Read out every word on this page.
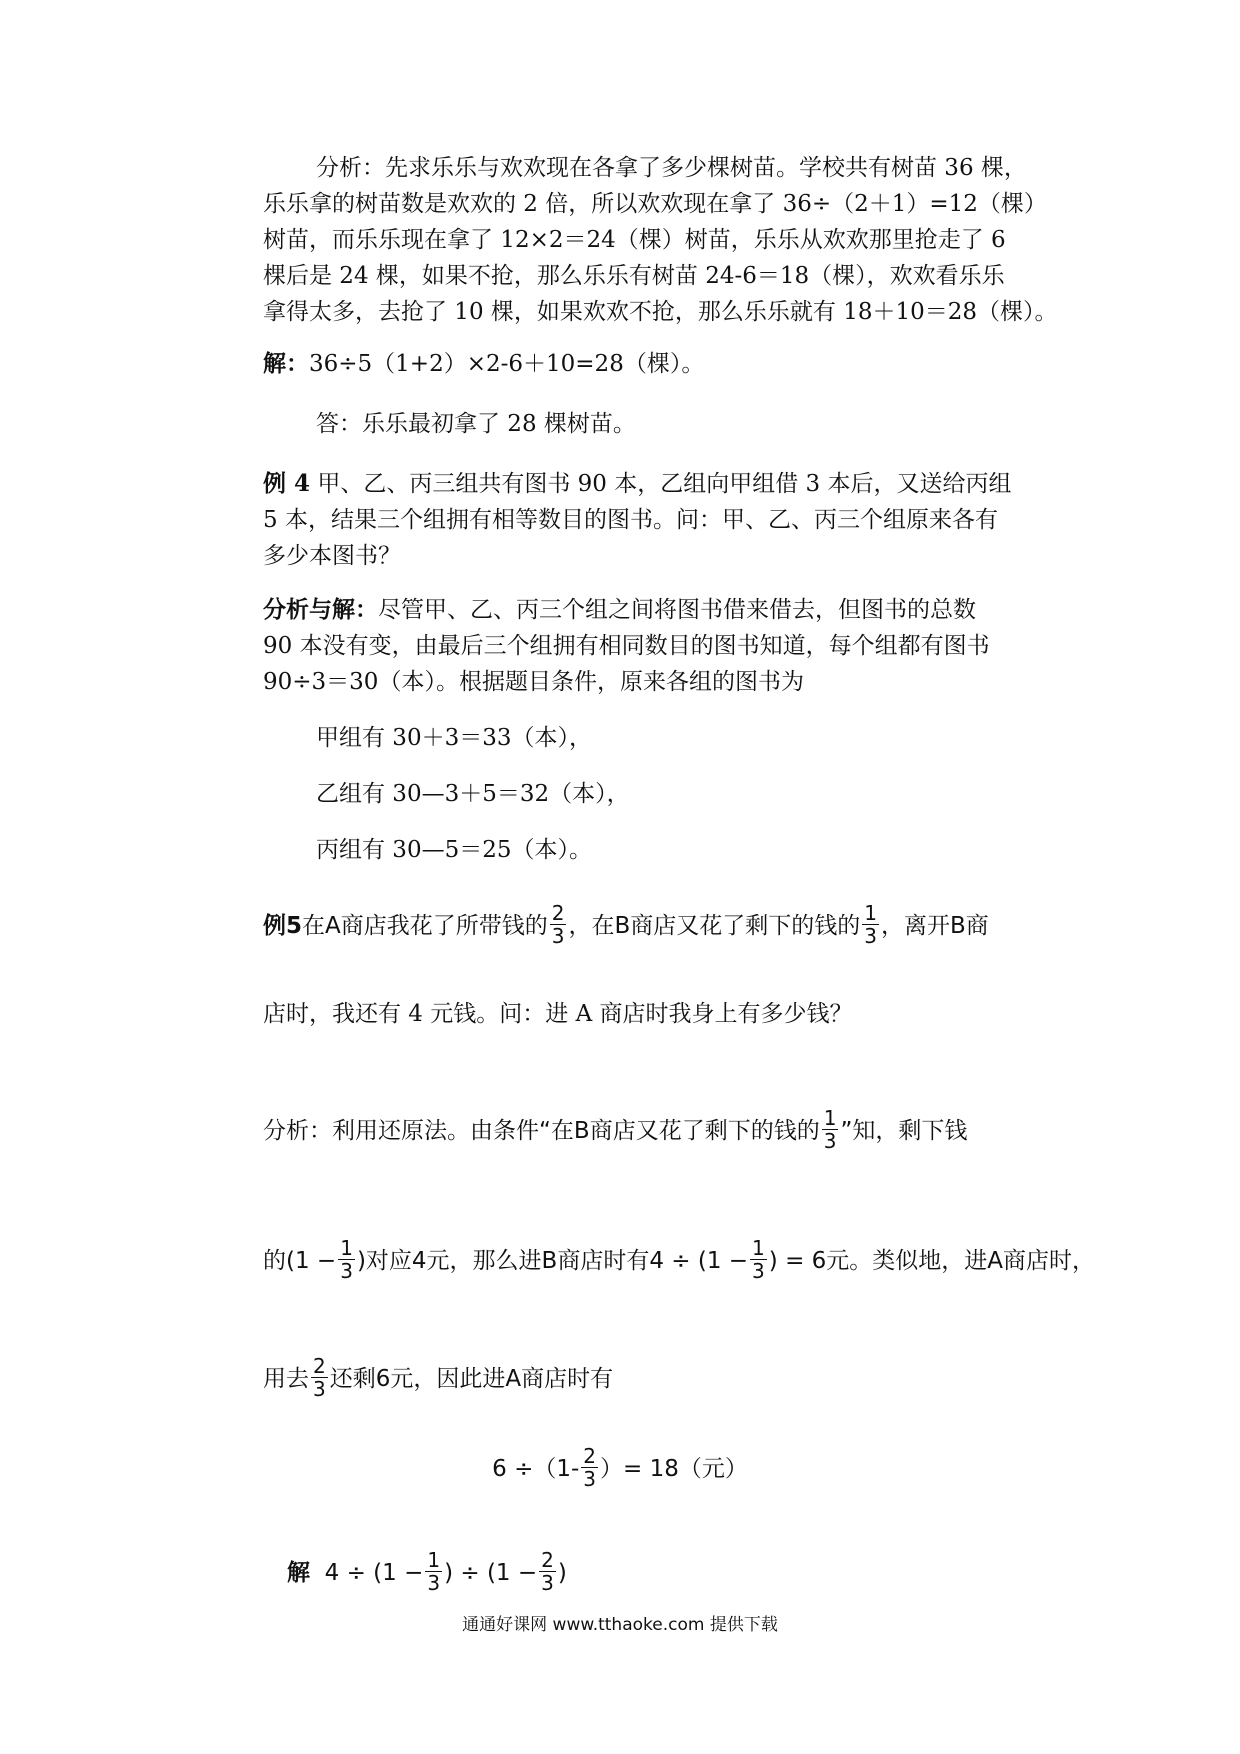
分析：先求乐乐与欢欢现在各拿了多少棵树苗。学校共有树苗 36 棵，

乐乐拿的树苗数是欢欢的 2 倍，所以欢欢现在拿了 36÷（2＋1）=12（棵）

树苗，而乐乐现在拿了 12×2＝24（棵）树苗，乐乐从欢欢那里抢走了 6

棵后是 24 棵，如果不抢，那么乐乐有树苗 24-6＝18（棵），欢欢看乐乐

拿得太多，去抢了 10 棵，如果欢欢不抢，那么乐乐就有 18＋10＝28（棵）。

解：36÷5（1+2）×2-6＋10=28（棵）。

答：乐乐最初拿了 28 棵树苗。

例 4 甲、乙、丙三组共有图书 90 本，乙组向甲组借 3 本后，又送给丙组

5 本，结果三个组拥有相等数目的图书。问：甲、乙、丙三个组原来各有

多少本图书？

分析与解：尽管甲、乙、丙三个组之间将图书借来借去，但图书的总数

90 本没有变，由最后三个组拥有相同数目的图书知道，每个组都有图书

90÷3＝30（本）。根据题目条件，原来各组的图书为

甲组有 30＋3＝33（本），

乙组有 30—3＋5＝32（本），

丙组有 30—5＝25（本）。

例5在A商店我花了所带钱的 $\frac{2}{3}$ ，在B商店又花了剩下的钱的 $\frac{1}{3}$ ，离开B商

店时，我还有 4 元钱。问：进 A 商店时我身上有多少钱？

分析：利用还原法。由条件“在B商店又花了剩下的钱的 $\frac{1}{3}$ ”知，剩下钱

的($1 - \frac{1}{3}$ )对应4元，那么进B商店时有$4 \div (1 - \frac{1}{3}$ ) = 6元。类似地，进A商店时，

用去 $\frac{2}{3}$ 还剩6元，因此进A商店时有

$6 \div(1- \frac{2}{3}$ ）= 18（元）

解 $4 \div (1 - \frac{1}{3}$ ) ÷ ($1 - \frac{2}{3}$ )

通通好课网 www.tthaoke.com 提供下载
